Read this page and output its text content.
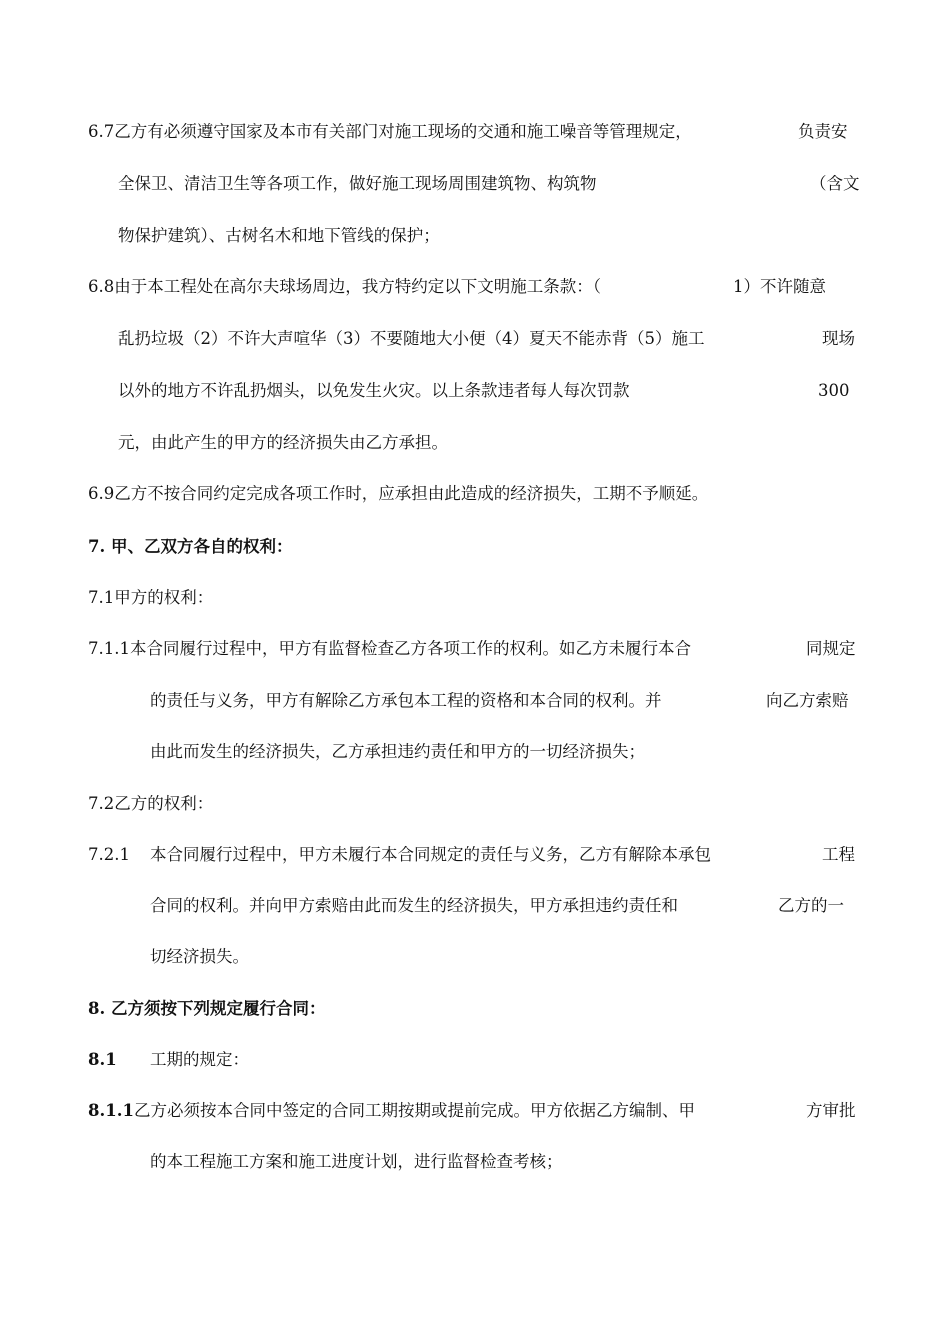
6.7乙方有必须遵守国家及本市有关部门对施工现场的交通和施工噪音等管理规定，	负责安

全保卫、清洁卫生等各项工作，做好施工现场周围建筑物、构筑物	（含文

物保护建筑）、古树名木和地下管线的保护；

6.8由于本工程处在高尔夫球场周边，我方特约定以下文明施工条款：（	1）不许随意

乱扔垃圾（2）不许大声喧华（3）不要随地大小便（4）夏天不能赤背（5）施工	现场

以外的地方不许乱扔烟头，以免发生火灾。以上条款违者每人每次罚款	300

元，由此产生的甲方的经济损失由乙方承担。

6.9乙方不按合同约定完成各项工作时，应承担由此造成的经济损失，工期不予顺延。

7. 甲、乙双方各自的权利：

7.1甲方的权利：

7.1.1本合同履行过程中，甲方有监督检查乙方各项工作的权利。如乙方未履行本合	同规定

的责任与义务，甲方有解除乙方承包本工程的资格和本合同的权利。并	向乙方索赔

由此而发生的经济损失，乙方承担违约责任和甲方的一切经济损失；

7.2乙方的权利：

7.2.1 本合同履行过程中，甲方未履行本合同规定的责任与义务，乙方有解除本承包	工程

合同的权利。并向甲方索赔由此而发生的经济损失，甲方承担违约责任和	乙方的一

切经济损失。

8. 乙方须按下列规定履行合同：

8.1 工期的规定：

8.1.1乙方必须按本合同中签定的合同工期按期或提前完成。甲方依据乙方编制、甲	方审批

的本工程施工方案和施工进度计划，进行监督检查考核；
